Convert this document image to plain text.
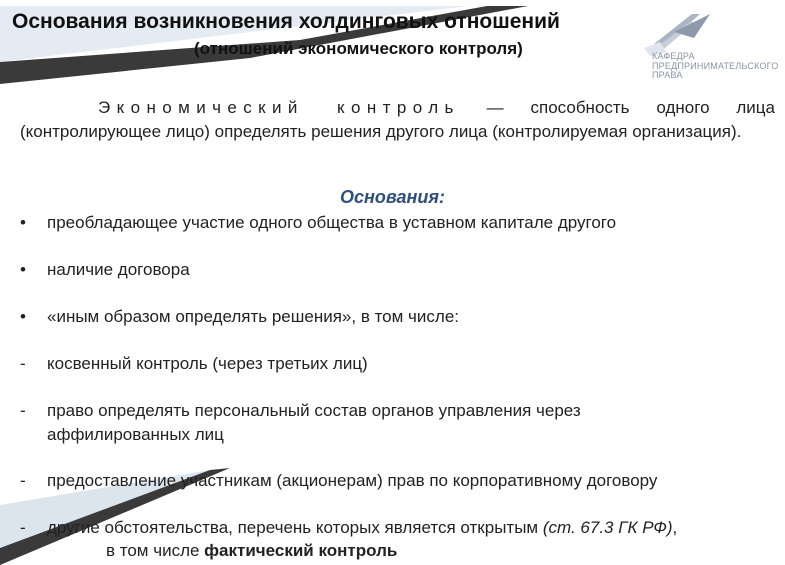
КАФЕДРА
ПРЕДПРИНИМАТЕЛЬСКОГО
ПРАВА
Основания возникновения холдинговых отношений
(отношений экономического контроля)
Экономический контроль — способность одного лица (контролирующее лицо) определять решения другого лица (контролируемая организация).
Основания:
•	преобладающее участие одного общества в уставном капитале другого
•	наличие договора
•	«иным образом определять решения», в том числе:
-	косвенный контроль (через третьих лиц)
-	право определять персональный состав органов управления через
аффилированных лиц
-	предоставление участникам (акционерам) прав по корпоративному договору
-	другие обстоятельства, перечень которых является открытым (ст. 67.3 ГК РФ),
в том числе фактический контроль
